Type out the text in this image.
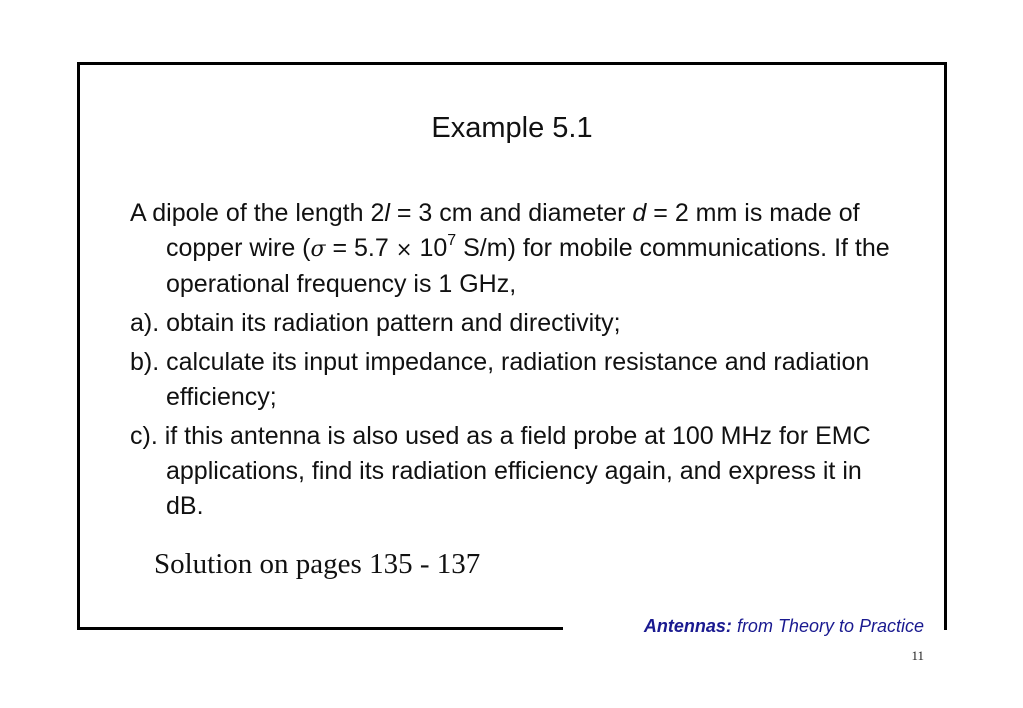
Example 5.1

A dipole of the length 2l = 3 cm and diameter d = 2 mm is made of copper wire ($\sigma = 5.7 \times 10^7$ S/m) for mobile communications. If the operational frequency is 1 GHz,

a). obtain its radiation pattern and directivity;

b). calculate its input impedance, radiation resistance and radiation efficiency;

c). if this antenna is also used as a field probe at 100 MHz for EMC applications, find its radiation efficiency again, and express it in dB.

Solution on pages 135 - 137
Antennas: from Theory to Practice
11
